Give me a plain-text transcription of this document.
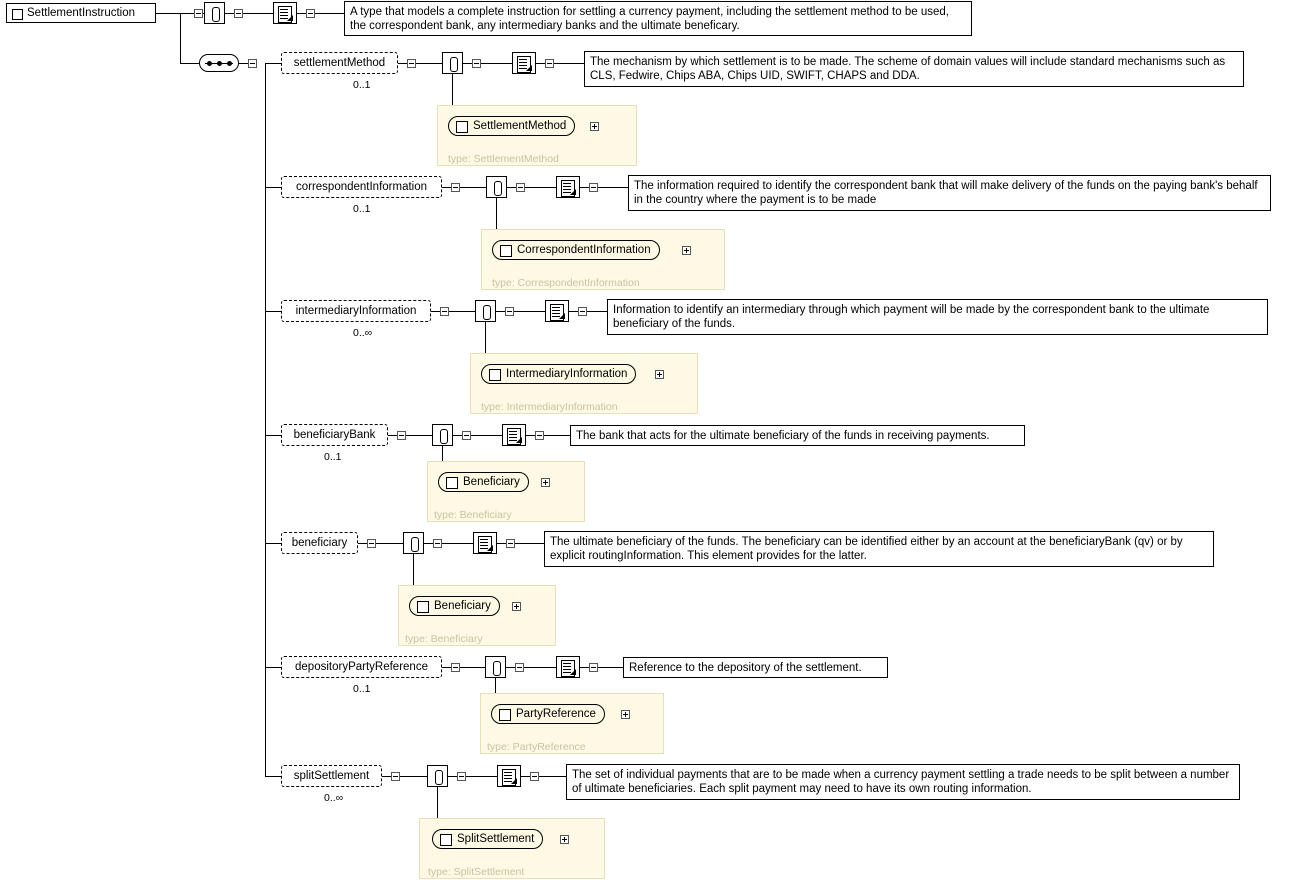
SettlementInstruction	A type that models a complete instruction for settling a currency payment, including the settlement method to be used, the correspondent bank, any intermediary banks and the ultimate beneficary.
settlementMethod
0..1
The mechanism by which settlement is to be made. The scheme of domain values will include standard mechanisms such as CLS, Fedwire, Chips ABA, Chips UID, SWIFT, CHAPS and DDA.
SettlementMethod
type: SettlementMethod
correspondentInformation
0..1
The information required to identify the correspondent bank that will make delivery of the funds on the paying bank's behalf in the country where the payment is to be made
CorrespondentInformation
type: CorrespondentInformation
intermediaryInformation
0..∞
Information to identify an intermediary through which payment will be made by the correspondent bank to the ultimate beneficiary of the funds.
IntermediaryInformation
type: IntermediaryInformation
beneficiaryBank
0..1
The bank that acts for the ultimate beneficiary of the funds in receiving payments.
Beneficiary
type: Beneficiary
beneficiary	The ultimate beneficiary of the funds. The beneficiary can be identified either by an account at the beneficiaryBank (qv) or by explicit routingInformation. This element provides for the latter.
Beneficiary
type: Beneficiary
depositoryPartyReference
0..1
Reference to the depository of the settlement.
PartyReference
type: PartyReference
splitSettlement
0..∞
The set of individual payments that are to be made when a currency payment settling a trade needs to be split between a number of ultimate beneficiaries. Each split payment may need to have its own routing information.
SplitSettlement
type: SplitSettlement
